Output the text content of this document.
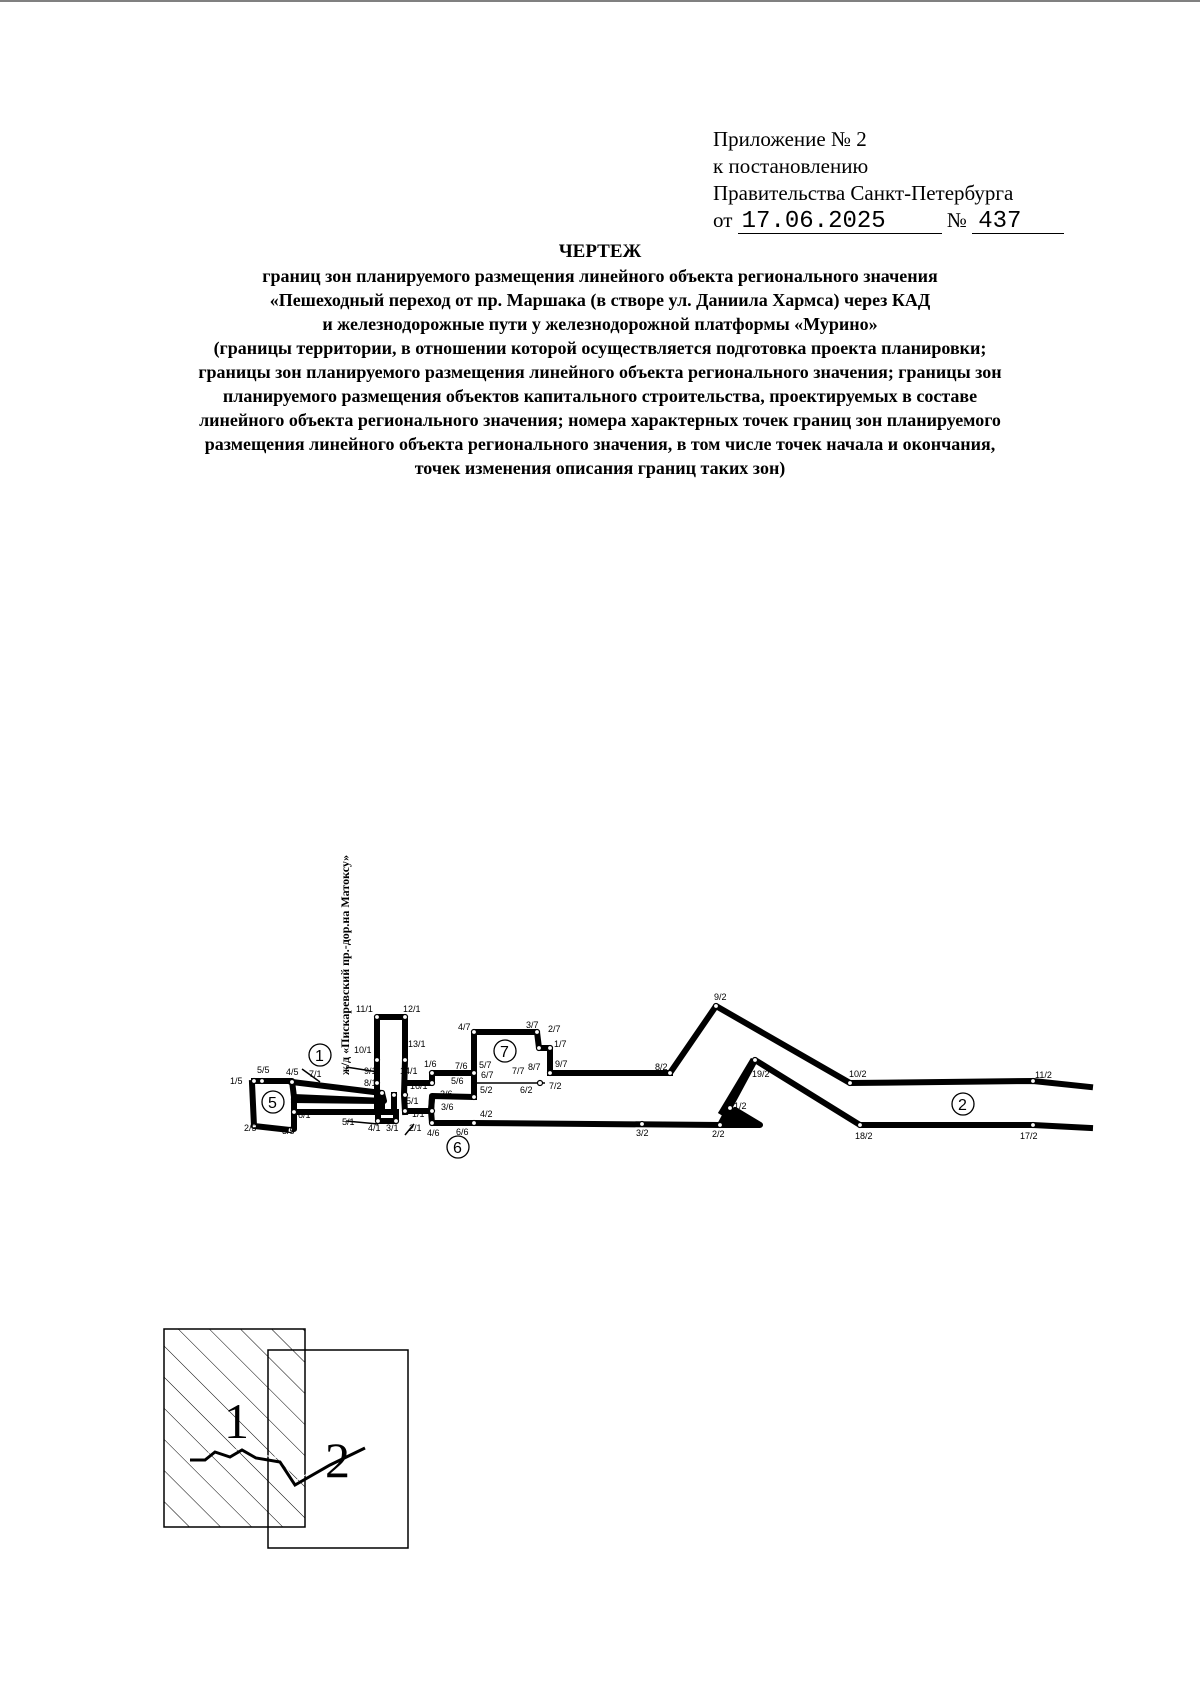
Приложение № 2
к постановлению
Правительства Санкт-Петербурга
от 17.06.2025	№ 437
ЧЕРТЕЖ
границ зон планируемого размещения линейного объекта регионального значения
«Пешеходный переход от пр. Маршака (в створе ул. Даниила Хармса) через КАД
и железнодорожные пути у железнодорожной платформы «Мурино»
(границы территории, в отношении которой осуществляется подготовка проекта планировки;
границы зон планируемого размещения линейного объекта регионального значения; границы зон
планируемого размещения объектов капитального строительства, проектируемых в составе
линейного объекта регионального значения; номера характерных точек границ зон планируемого
размещения линейного объекта регионального значения, в том числе точек начала и окончания,
точек изменения описания границ таких зон)
ж/д «Пискаревский пр.-дор.на Матоксу»
1
2
5
6
7
1/5
5/5 4/5 7/1
2/5	3/5
6/1
11/1	12/1
13/1
10/1
9/1
8/1
14/1
1/6 7/6
16/1
2/6
5/1
4/1 3/1
1/1
15/1
2/1
3/6
4/6
5/6
6/6
4/7
5/7
6/7
3/7 2/7
1/7
7/7 8/7 9/7
6/2 7/2
5/2
4/2
8/2
9/2
10/2	11/2
19/2
1/2
2/2
3/2	18/2	17/2
1
2
